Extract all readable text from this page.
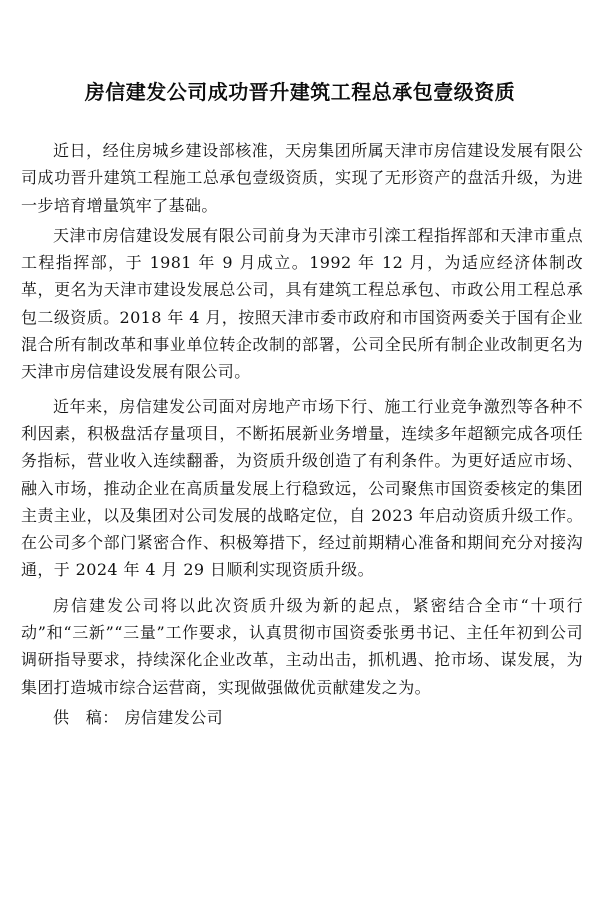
房信建发公司成功晋升建筑工程总承包壹级资质

近日，经住房城乡建设部核准，天房集团所属天津市房信建设发展有限公司成功晋升建筑工程施工总承包壹级资质，实现了无形资产的盘活升级，为进一步培育增量筑牢了基础。

天津市房信建设发展有限公司前身为天津市引滦工程指挥部和天津市重点工程指挥部，于 1981 年 9 月成立。1992 年 12 月，为适应经济体制改革，更名为天津市建设发展总公司，具有建筑工程总承包、市政公用工程总承包二级资质。2018 年 4 月，按照天津市委市政府和市国资两委关于国有企业混合所有制改革和事业单位转企改制的部署，公司全民所有制企业改制更名为天津市房信建设发展有限公司。

近年来，房信建发公司面对房地产市场下行、施工行业竞争激烈等各种不利因素，积极盘活存量项目，不断拓展新业务增量，连续多年超额完成各项任务指标，营业收入连续翻番，为资质升级创造了有利条件。为更好适应市场、融入市场，推动企业在高质量发展上行稳致远，公司聚焦市国资委核定的集团主责主业，以及集团对公司发展的战略定位，自 2023 年启动资质升级工作。在公司多个部门紧密合作、积极筹措下，经过前期精心准备和期间充分对接沟通，于 2024 年 4 月 29 日顺利实现资质升级。

房信建发公司将以此次资质升级为新的起点，紧密结合全市“十项行动”和“三新”“三量”工作要求，认真贯彻市国资委张勇书记、主任年初到公司调研指导要求，持续深化企业改革，主动出击，抓机遇、抢市场、谋发展，为集团打造城市综合运营商，实现做强做优贡献建发之为。

供　稿： 房信建发公司
